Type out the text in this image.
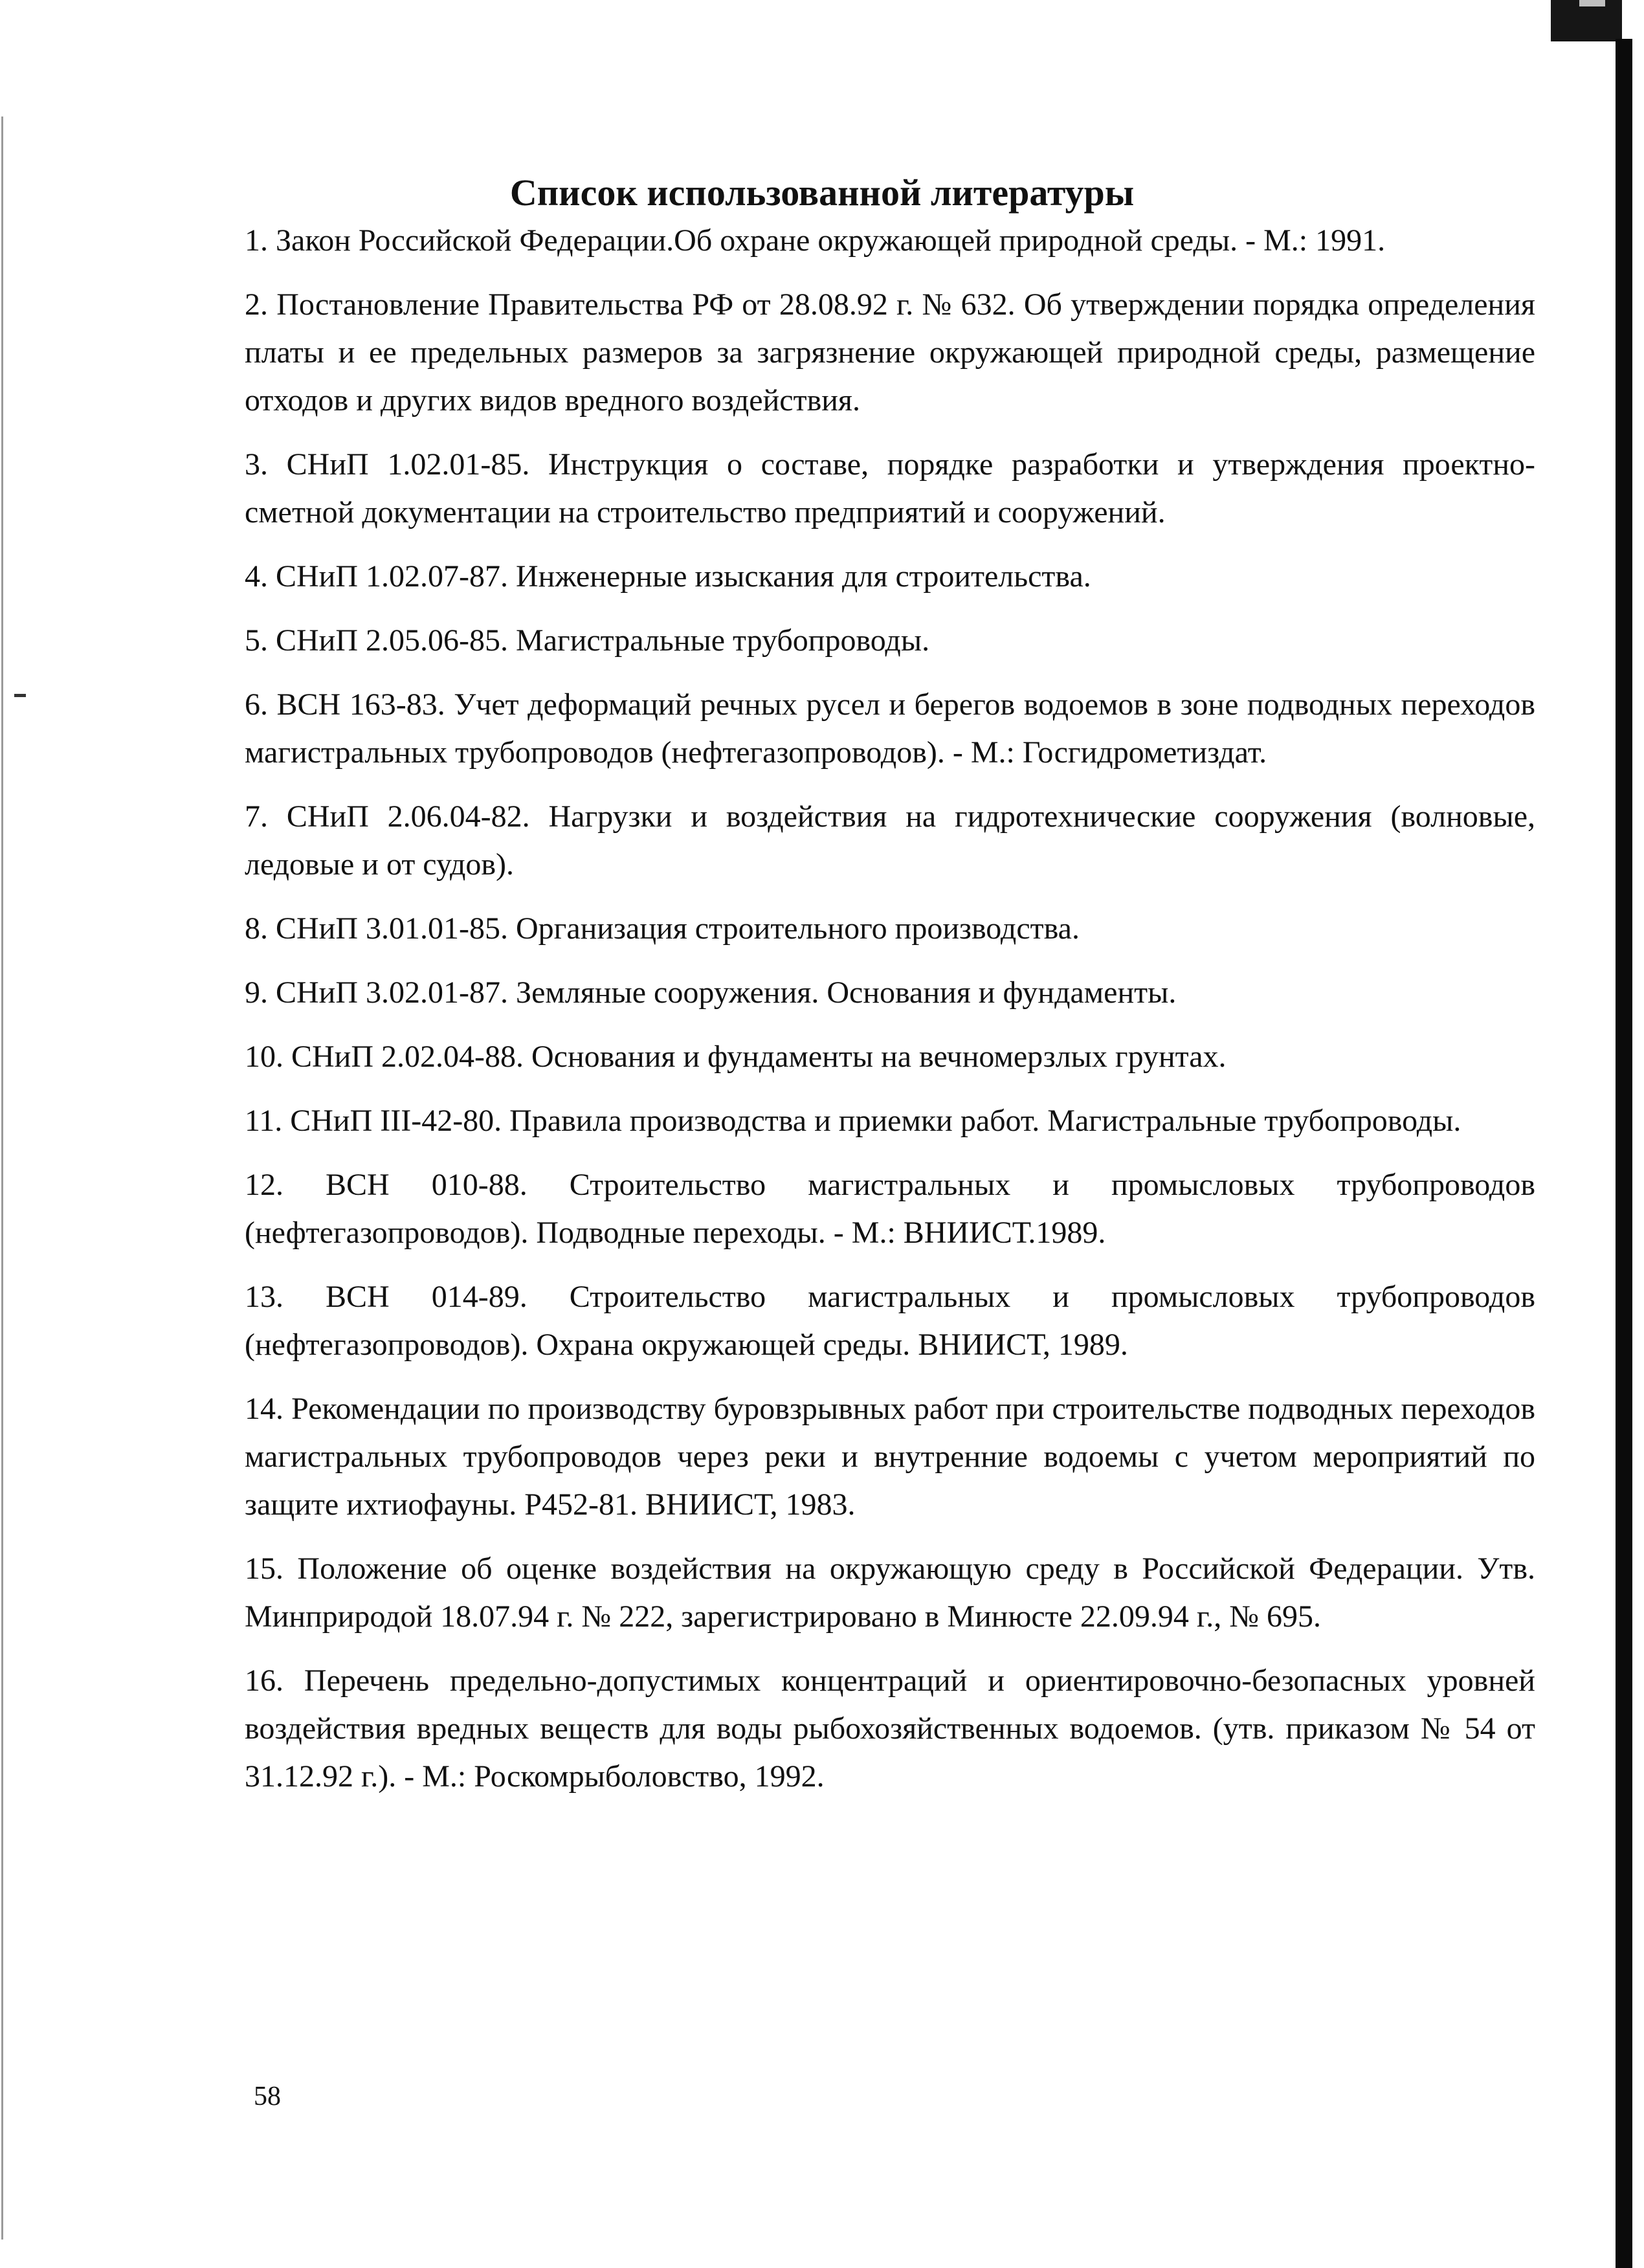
Список использованной литературы
1. Закон Российской Федерации.Об охране окружающей природной среды. - М.: 1991.
2. Постановление Правительства РФ от 28.08.92 г. № 632. Об утверждении порядка определения платы и ее предельных размеров за загрязнение окружающей природной среды, размещение отходов и других видов вредного воздействия.
3. СНиП 1.02.01-85. Инструкция о составе, порядке разработки и утверждения проектно-сметной документации на строительство предприятий и сооружений.
4. СНиП 1.02.07-87. Инженерные изыскания для строительства.
5. СНиП 2.05.06-85. Магистральные трубопроводы.
6. ВСН 163-83. Учет деформаций речных русел и берегов водоемов в зоне подводных переходов магистральных трубопроводов (нефтегазопроводов). - М.: Госгидрометиздат.
7. СНиП 2.06.04-82. Нагрузки и воздействия на гидротехнические сооружения (волновые, ледовые и от судов).
8. СНиП 3.01.01-85. Организация строительного производства.
9. СНиП 3.02.01-87. Земляные сооружения. Основания и фундаменты.
10. СНиП 2.02.04-88. Основания и фундаменты на вечномерзлых грунтах.
11. СНиП III-42-80. Правила производства и приемки работ. Магистральные трубопроводы.
12. ВСН 010-88. Строительство магистральных и промысловых трубопроводов (нефтегазопроводов). Подводные переходы. - М.: ВНИИСТ.1989.
13. ВСН 014-89. Строительство магистральных и промысловых трубопроводов (нефтегазопроводов). Охрана окружающей среды. ВНИИСТ, 1989.
14. Рекомендации по производству буровзрывных работ при строительстве подводных переходов магистральных трубопроводов через реки и внутренние водоемы с учетом мероприятий по защите ихтиофауны. Р452-81. ВНИИСТ, 1983.
15. Положение об оценке воздействия на окружающую среду в Российской Федерации. Утв. Минприродой 18.07.94 г. № 222, зарегистрировано в Минюсте 22.09.94 г., № 695.
16. Перечень предельно-допустимых концентраций и ориентировочно-безопасных уровней воздействия вредных веществ для воды рыбохозяйственных водоемов. (утв. приказом № 54 от 31.12.92 г.). - М.: Роскомрыболовство, 1992.
58
